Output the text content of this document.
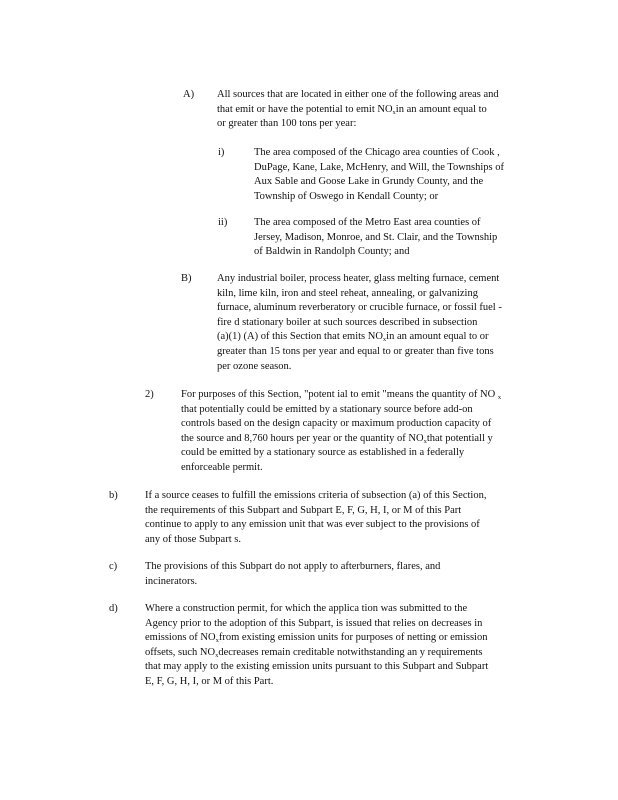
A) All sources that are located in either one of the following areas and
that emit or have the potential to emit $NO_xin$ an amount equal to
or greater than 100 tons per year:
i)	The area composed of the Chicago area counties of Cook ,
DuPage, Kane, Lake, McHenry, and Will, the Townships of
Aux Sable and Goose Lake in Grundy County, and the
Township of Oswego in Kendall County; or
ii)	The area composed of the Metro East area counties of
Jersey, Madison, Monroe, and St. Clair, and the Township
of Baldwin in Randolph County; and
B) Any industrial boiler, process heater, glass melting furnace, cement
kiln, lime kiln, iron and steel reheat, annealing, or galvanizing
furnace, aluminum reverberatory or crucible furnace, or fossil fuel -
fire d stationary boiler at such sources described in subsection
(a)(1) (A) of this Section that emits $NO_xin$ an amount equal to or
greater than 15 tons per year and equal to or greater than five tons
per ozone season.
2)	For purposes of this Section, "potent ial to emit "means the quantity of NO $_x$
that potentially could be emitted by a stationary source before add-on
controls based on the design capacity or maximum production capacity of
the source and 8,760 hours per year or the quantity of $NO_xthat$ potentiall y
could be emitted by a stationary source as established in a federally
enforceable permit.
b)	If a source ceases to fulfill the emissions criteria of subsection (a) of this Section,
the requirements of this Subpart and Subpart E, F, G, H, I, or M of this Part
continue to apply to any emission unit that was ever subject to the provisions of
any of those Subpart s.
c)	The provisions of this Subpart do not apply to afterburners, flares, and
incinerators.
d)	Where a construction permit, for which the applica tion was submitted to the
Agency prior to the adoption of this Subpart, is issued that relies on decreases in
emissions of $NO_xfrom$ existing emission units for purposes of netting or emission
offsets, such $NO_xdecreases$ remain creditable notwithstanding an y requirements
that may apply to the existing emission units pursuant to this Subpart and Subpart
E, F, G, H, I, or M of this Part.
